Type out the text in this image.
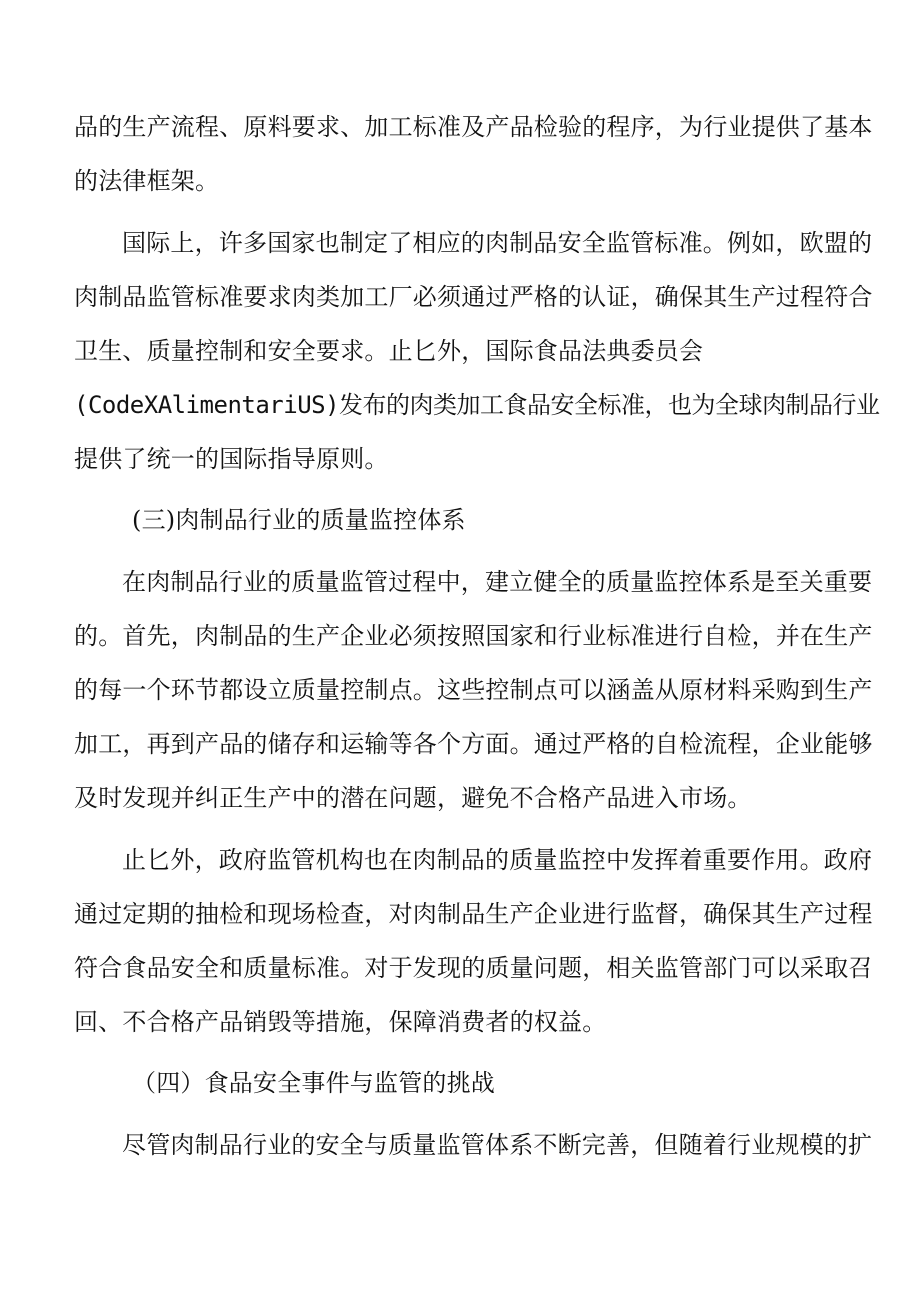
品的生产流程、原料要求、加工标准及产品检验的程序，为行业提供了基本
的法律框架。
国际上，许多国家也制定了相应的肉制品安全监管标准。例如，欧盟的
肉制品监管标准要求肉类加工厂必须通过严格的认证，确保其生产过程符合
卫生、质量控制和安全要求。止匕外，国际食品法典委员会
(CodeXAlimentariUS)发布的肉类加工食品安全标准，也为全球肉制品行业
提供了统一的国际指导原则。
(三)肉制品行业的质量监控体系
在肉制品行业的质量监管过程中，建立健全的质量监控体系是至关重要
的。首先，肉制品的生产企业必须按照国家和行业标准进行自检，并在生产
的每一个环节都设立质量控制点。这些控制点可以涵盖从原材料采购到生产
加工，再到产品的储存和运输等各个方面。通过严格的自检流程，企业能够
及时发现并纠正生产中的潜在问题，避免不合格产品进入市场。
止匕外，政府监管机构也在肉制品的质量监控中发挥着重要作用。政府
通过定期的抽检和现场检查，对肉制品生产企业进行监督，确保其生产过程
符合食品安全和质量标准。对于发现的质量问题，相关监管部门可以采取召
回、不合格产品销毁等措施，保障消费者的权益。
（四）食品安全事件与监管的挑战
尽管肉制品行业的安全与质量监管体系不断完善，但随着行业规模的扩
